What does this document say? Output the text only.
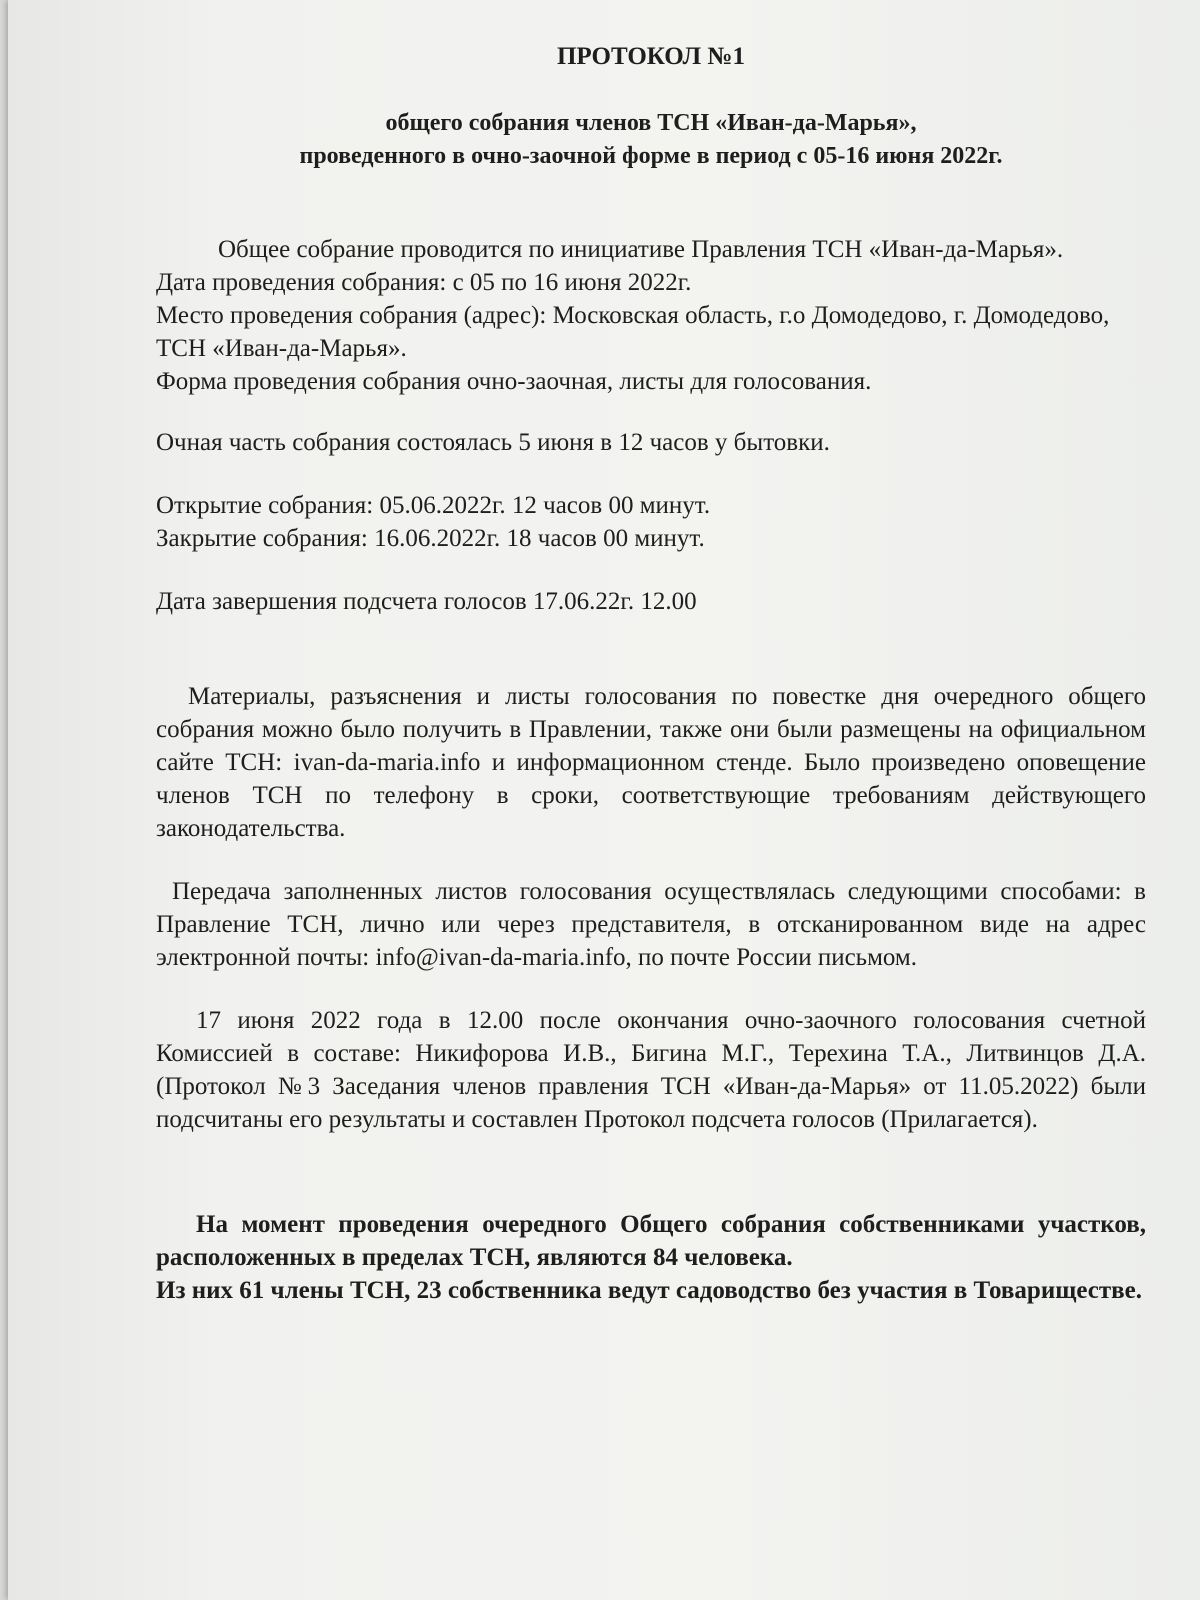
ПРОТОКОЛ №1
общего собрания членов ТСН «Иван-да-Марья»,
проведенного в очно-заочной форме в период с 05-16 июня 2022г.

Общее собрание проводится по инициативе Правления ТСН «Иван-да-Марья».

Дата проведения собрания: с 05 по 16 июня 2022г.

Место проведения собрания (адрес): Московская область, г.о Домодедово, г. Домодедово, ТСН «Иван-да-Марья».

Форма проведения собрания очно-заочная, листы для голосования.

Очная часть собрания состоялась 5 июня в 12 часов у бытовки.

Открытие собрания: 05.06.2022г. 12 часов 00 минут.

Закрытие собрания: 16.06.2022г. 18 часов 00 минут.

Дата завершения подсчета голосов 17.06.22г. 12.00

Материалы, разъяснения и листы голосования по повестке дня очередного общего собрания можно было получить в Правлении, также они были размещены на официальном сайте ТСН: ivan-da-maria.info и информационном стенде. Было произведено оповещение членов ТСН по телефону в сроки, соответствующие требованиям действующего законодательства.

Передача заполненных листов голосования осуществлялась следующими способами: в Правление ТСН, лично или через представителя, в отсканированном виде на адрес электронной почты: info@ivan-da-maria.info, по почте России письмом.

17 июня 2022 года в 12.00 после окончания очно-заочного голосования счетной Комиссией в составе: Никифорова И.В., Бигина М.Г., Терехина Т.А., Литвинцов Д.А. (Протокол №3 Заседания членов правления ТСН «Иван-да-Марья» от 11.05.2022) были подсчитаны его результаты и составлен Протокол подсчета голосов (Прилагается).

На момент проведения очередного Общего собрания собственниками участков, расположенных в пределах ТСН, являются 84 человека.

Из них 61 члены ТСН, 23 собственника ведут садоводство без участия в Товариществе.
